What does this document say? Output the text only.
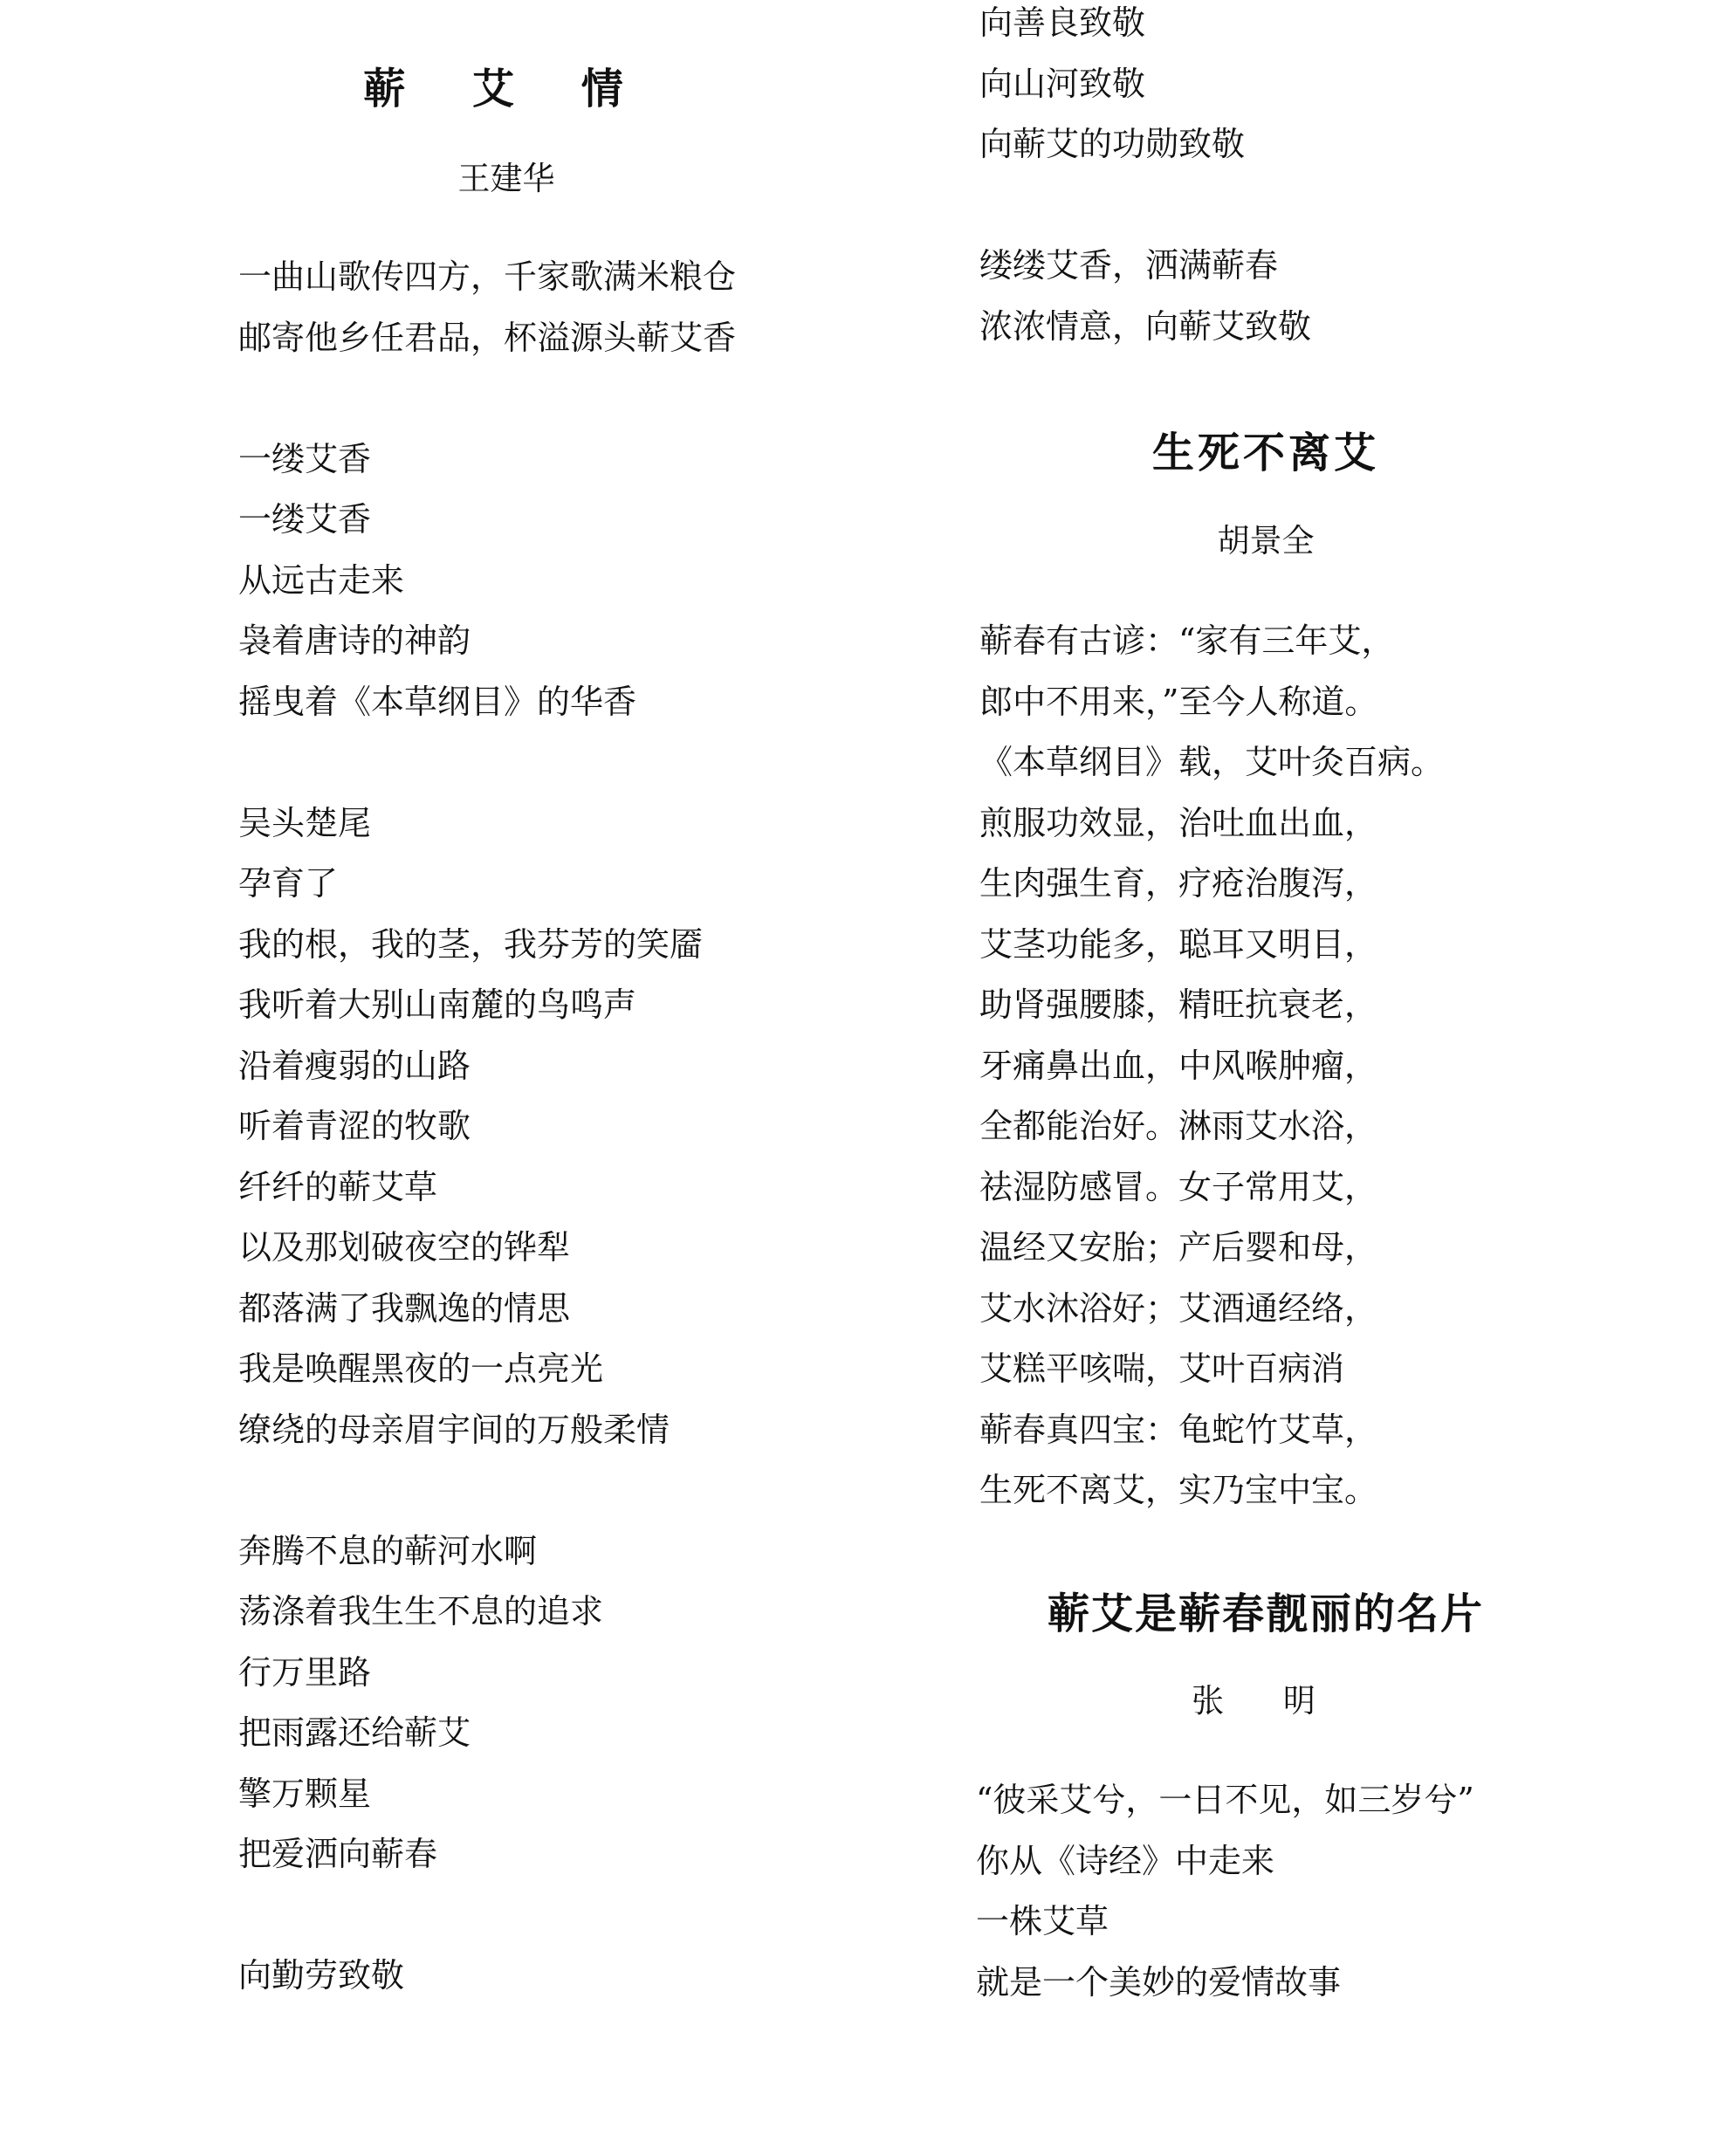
蕲 艾 情
王建华
一曲山歌传四方，千家歌满米粮仓
邮寄他乡任君品，杯溢源头蕲艾香
一缕艾香
一缕艾香
从远古走来
袅着唐诗的神韵
摇曳着《本草纲目》的华香
吴头楚尾
孕育了
我的根，我的茎，我芬芳的笑靥
我听着大别山南麓的鸟鸣声
沿着瘦弱的山路
听着青涩的牧歌
纤纤的蕲艾草
以及那划破夜空的铧犁
都落满了我飘逸的情思
我是唤醒黑夜的一点亮光
缭绕的母亲眉宇间的万般柔情
奔腾不息的蕲河水啊
荡涤着我生生不息的追求
行万里路
把雨露还给蕲艾
擎万颗星
把爱洒向蕲春
向勤劳致敬
向善良致敬
向山河致敬
向蕲艾的功勋致敬
缕缕艾香，洒满蕲春
浓浓情意，向蕲艾致敬
生死不离艾
胡景全
蕲春有古谚：“家有三年艾，
郎中不用来，”至今人称道。
《本草纲目》载，艾叶灸百病。
煎服功效显，治吐血出血，
生肉强生育，疗疮治腹泻，
艾茎功能多，聪耳又明目，
助肾强腰膝，精旺抗衰老，
牙痛鼻出血，中风喉肿瘤，
全都能治好。淋雨艾水浴，
祛湿防感冒。女子常用艾，
温经又安胎；产后婴和母，
艾水沐浴好；艾酒通经络，
艾糕平咳喘，艾叶百病消
蕲春真四宝：龟蛇竹艾草，
生死不离艾，实乃宝中宝。
蕲艾是蕲春靓丽的名片
张 明
“彼采艾兮，一日不见，如三岁兮”
你从《诗经》中走来
一株艾草
就是一个美妙的爱情故事
